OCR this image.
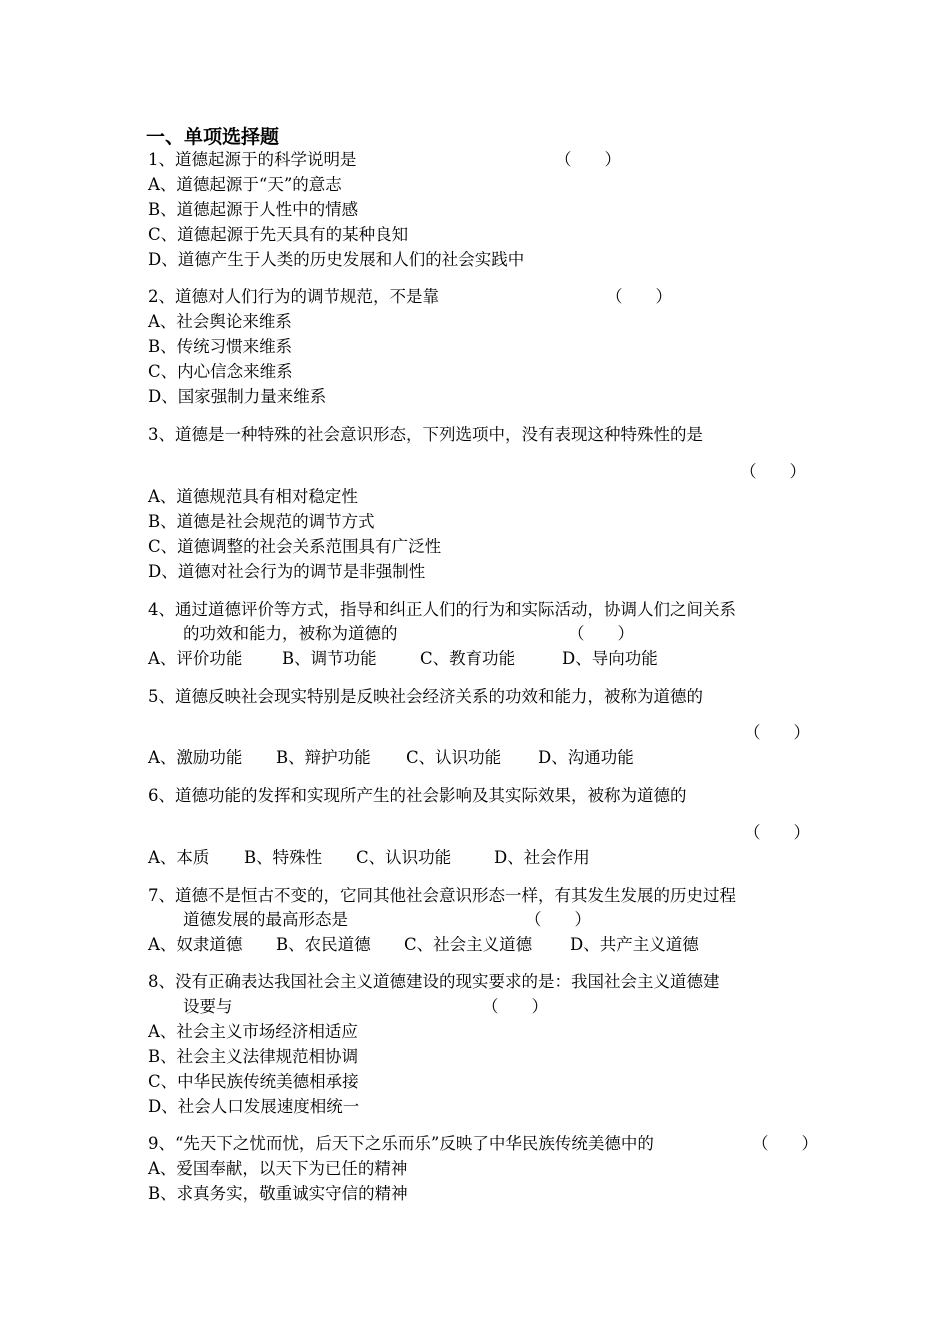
一、单项选择题
1、道德起源于的科学说明是	（　　）
A、道德起源于“天”的意志
B、道德起源于人性中的情感
C、道德起源于先天具有的某种良知
D、道德产生于人类的历史发展和人们的社会实践中
2、道德对人们行为的调节规范，不是靠	（　　）
A、社会舆论来维系
B、传统习惯来维系
C、内心信念来维系
D、国家强制力量来维系
3、道德是一种特殊的社会意识形态，下列选项中，没有表现这种特殊性的是
（　　）
A、道德规范具有相对稳定性
B、道德是社会规范的调节方式
C、道德调整的社会关系范围具有广泛性
D、道德对社会行为的调节是非强制性
4、通过道德评价等方式，指导和纠正人们的行为和实际活动，协调人们之间关系
的功效和能力，被称为道德的	（　　）
A、评价功能 B、调节功能	C、教育功能	D、导向功能
5、道德反映社会现实特别是反映社会经济关系的功效和能力，被称为道德的
（　　）
A、激励功能 B、辩护功能 C、认识功能 D、沟通功能
6、道德功能的发挥和实现所产生的社会影响及其实际效果，被称为道德的
（　　）
A、本质 B、特殊性 C、认识功能	D、社会作用
7、道德不是恒古不变的，它同其他社会意识形态一样，有其发生发展的历史过程
道德发展的最高形态是	（　　）
A、奴隶道德 B、农民道德 C、社会主义道德 D、共产主义道德
8、没有正确表达我国社会主义道德建设的现实要求的是：我国社会主义道德建
设要与	（　　）
A、社会主义市场经济相适应
B、社会主义法律规范相协调
C、中华民族传统美德相承接
D、社会人口发展速度相统一
9、“先天下之忧而忧，后天下之乐而乐”反映了中华民族传统美德中的	（　　）
A、爱国奉献，以天下为已任的精神
B、求真务实，敬重诚实守信的精神
